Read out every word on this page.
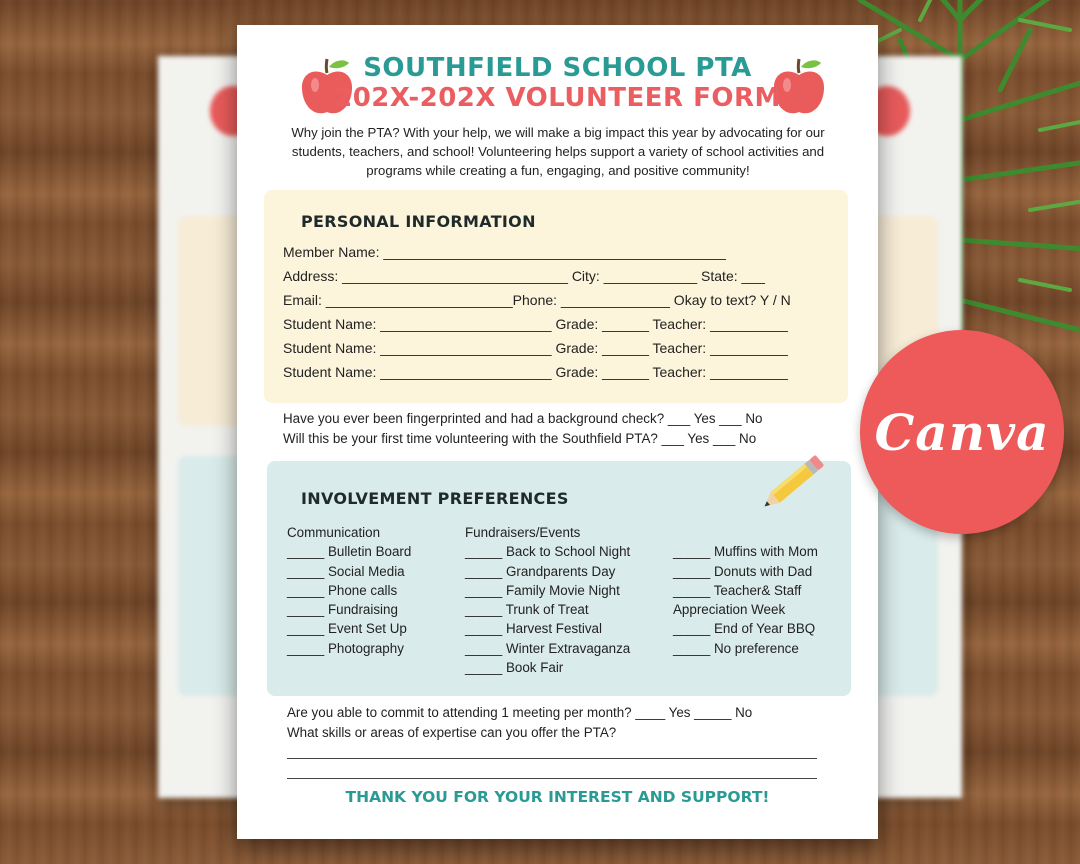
SOUTHFIELD SCHOOL PTA
202X-202X VOLUNTEER FORM
Why join the PTA? With your help, we will make a big impact this year by advocating for our
students, teachers, and school! Volunteering helps support a variety of school activities and
programs while creating a fun, engaging, and positive community!
PERSONAL INFORMATION
Member Name: ____________________________________________
Address: _____________________________ City: ____________ State: ___
Email: ________________________Phone: ______________ Okay to text? Y / N
Student Name: ______________________ Grade: ______ Teacher: __________
Student Name: ______________________ Grade: ______ Teacher: __________
Student Name: ______________________ Grade: ______ Teacher: __________
Have you ever been fingerprinted and had a background check? ___ Yes ___ No
Will this be your first time volunteering with the Southfield PTA? ___ Yes ___ No
INVOLVEMENT PREFERENCES
Communication
_____ Bulletin Board
_____ Social Media
_____ Phone calls
_____ Fundraising
_____ Event Set Up
_____ Photography
Fundraisers/Events
_____ Back to School Night
_____ Grandparents Day
_____ Family Movie Night
_____ Trunk of Treat
_____ Harvest Festival
_____ Winter Extravaganza
_____ Book Fair
_____ Muffins with Mom
_____ Donuts with Dad
_____ Teacher& Staff
Appreciation Week
_____ End of Year BBQ
_____ No preference
Are you able to commit to attending 1 meeting per month? ____ Yes _____ No
What skills or areas of expertise can you offer the PTA?
THANK YOU FOR YOUR INTEREST AND SUPPORT!
Canva
